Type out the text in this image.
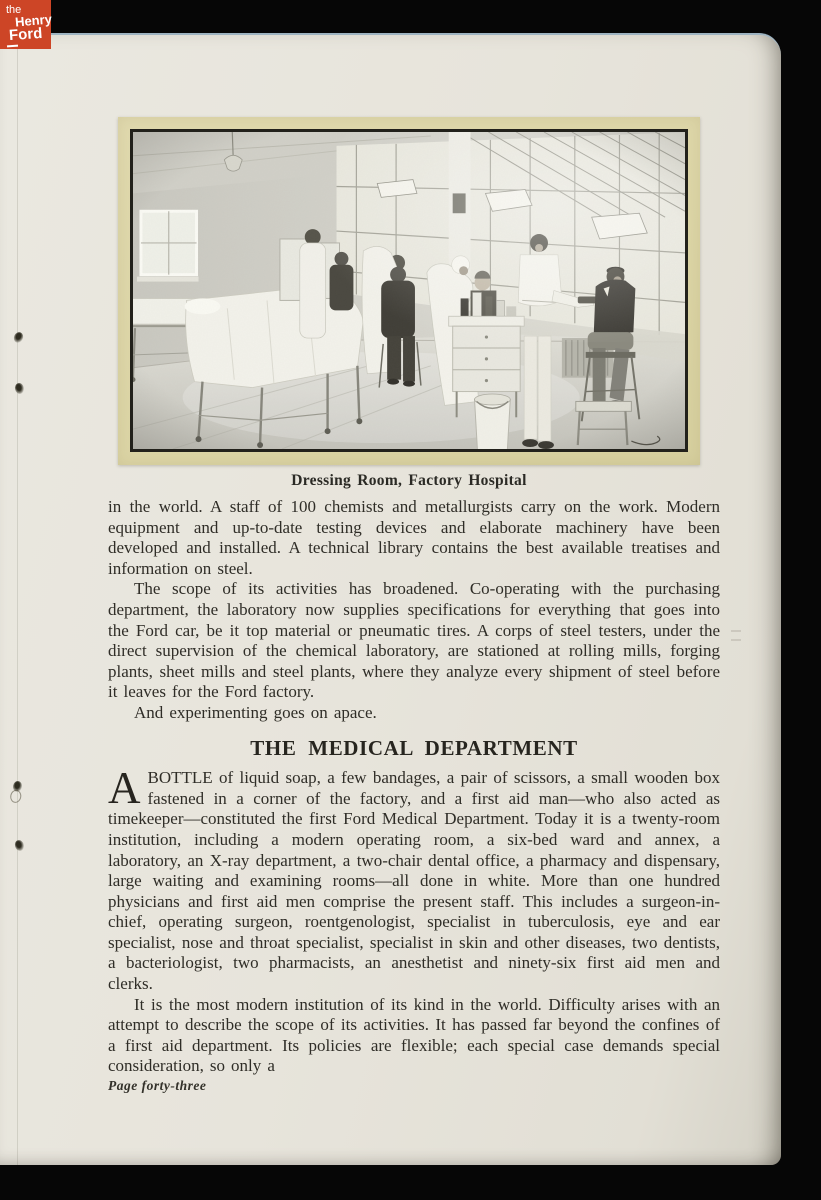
Dressing Room, Factory Hospital

in the world. A staff of 100 chemists and metallurgists carry on the work. Modern equipment and up-to-date testing devices and elaborate machinery have been developed and installed. A technical library contains the best available treatises and information on steel.

The scope of its activities has broadened. Co-operating with the purchasing department, the laboratory now supplies specifications for everything that goes into the Ford car, be it top material or pneumatic tires. A corps of steel testers, under the direct supervision of the chemical laboratory, are stationed at rolling mills, forging plants, sheet mills and steel plants, where they analyze every shipment of steel before it leaves for the Ford factory.

And experimenting goes on apace.

THE MEDICAL DEPARTMENT

ABOTTLE of liquid soap, a few bandages, a pair of scissors, a small wooden box fastened in a corner of the factory, and a first aid man—who also acted as timekeeper—constituted the first Ford Medical Department. Today it is a twenty-room institution, including a modern operating room, a six-bed ward and annex, a laboratory, an X-ray department, a two-chair dental office, a pharmacy and dispensary, large waiting and examining rooms—all done in white. More than one hundred physicians and first aid men comprise the present staff. This includes a surgeon-in-chief, operating surgeon, roentgenologist, specialist in tuberculosis, eye and ear specialist, nose and throat specialist, specialist in skin and other diseases, two dentists, a bacteriologist, two pharmacists, an anesthetist and ninety-six first aid men and clerks.

It is the most modern institution of its kind in the world. Difficulty arises with an attempt to describe the scope of its activities. It has passed far beyond the confines of a first aid department. Its policies are flexible; each special case demands special consideration, so only a

Page forty-three
the
Henry
Ford
